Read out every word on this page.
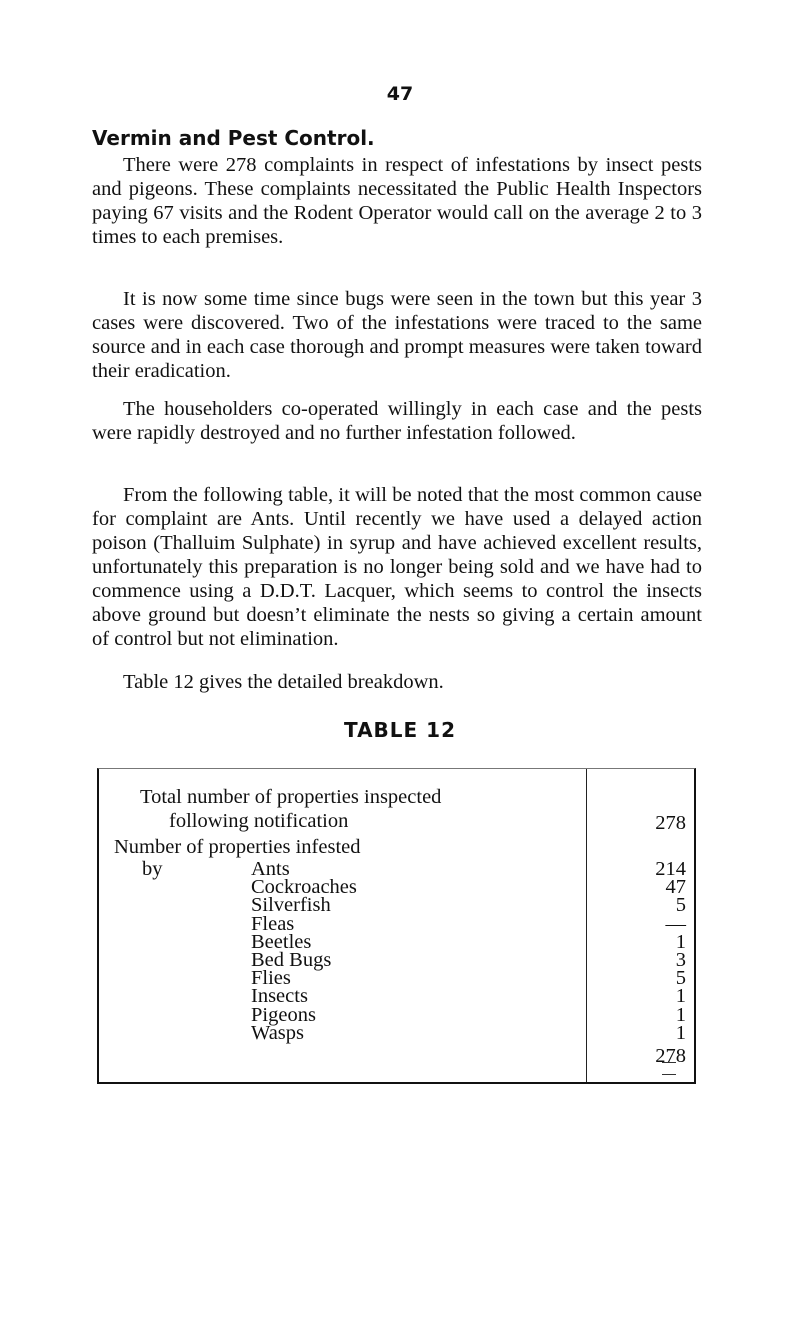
47
Vermin and Pest Control.

There were 278 complaints in respect of infestations by insect pests and pigeons. These complaints necessitated the Public Health Inspectors paying 67 visits and the Rodent Operator would call on the average 2 to 3 times to each premises.

It is now some time since bugs were seen in the town but this year 3 cases were discovered. Two of the infestations were traced to the same source and in each case thorough and prompt measures were taken toward their eradication.

The householders co-operated willingly in each case and the pests were rapidly destroyed and no further infestation followed.

From the following table, it will be noted that the most common cause for complaint are Ants. Until recently we have used a delayed action poison (Thalluim Sulphate) in syrup and have achieved excellent results, unfortunately this preparation is no longer being sold and we have had to commence using a D.D.T. Lacquer, which seems to control the insects above ground but doesn’t eliminate the nests so giving a certain amount of control but not elimination.

Table 12 gives the detailed breakdown.

TABLE 12
Total number of properties inspected
following notification	278
Number of properties infested
by	Ants	214
Cockroaches	47
Silverfish	5
Fleas	—
Beetles	1
Bed Bugs	3
Flies	5
Insects	1
Pigeons	1
Wasps	1
278
